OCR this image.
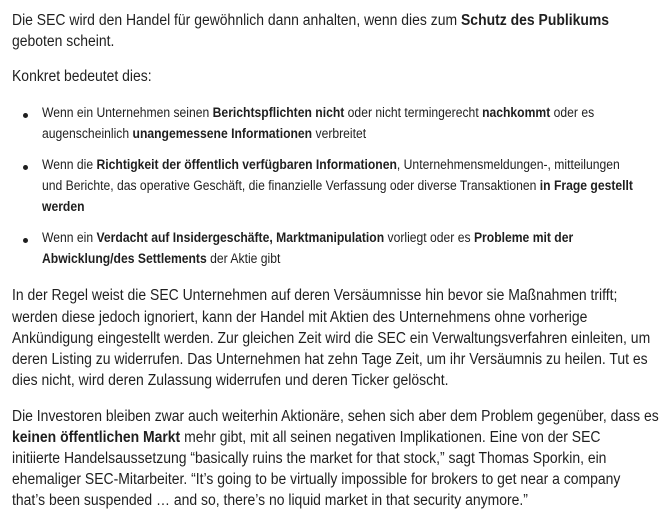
Die SEC wird den Handel für gewöhnlich dann anhalten, wenn dies zum Schutz des Publikums
geboten scheint.
Konkret bedeutet dies:
Wenn ein Unternehmen seinen Berichtspflichten nicht oder nicht termingerecht nachkommt oder es
augenscheinlich unangemessene Informationen verbreitet
Wenn die Richtigkeit der öffentlich verfügbaren Informationen, Unternehmensmeldungen-, mitteilungen
und Berichte, das operative Geschäft, die finanzielle Verfassung oder diverse Transaktionen in Frage gestellt
werden
Wenn ein Verdacht auf Insidergeschäfte, Marktmanipulation vorliegt oder es Probleme mit der
Abwicklung/des Settlements der Aktie gibt
In der Regel weist die SEC Unternehmen auf deren Versäumnisse hin bevor sie Maßnahmen trifft;
werden diese jedoch ignoriert, kann der Handel mit Aktien des Unternehmens ohne vorherige
Ankündigung eingestellt werden. Zur gleichen Zeit wird die SEC ein Verwaltungsverfahren einleiten, um
deren Listing zu widerrufen. Das Unternehmen hat zehn Tage Zeit, um ihr Versäumnis zu heilen. Tut es
dies nicht, wird deren Zulassung widerrufen und deren Ticker gelöscht.
Die Investoren bleiben zwar auch weiterhin Aktionäre, sehen sich aber dem Problem gegenüber, dass es
keinen öffentlichen Markt mehr gibt, mit all seinen negativen Implikationen. Eine von der SEC
initiierte Handelsaussetzung “basically ruins the market for that stock,” sagt Thomas Sporkin, ein
ehemaliger SEC-Mitarbeiter. “It’s going to be virtually impossible for brokers to get near a company
that’s been suspended … and so, there’s no liquid market in that security anymore.”
